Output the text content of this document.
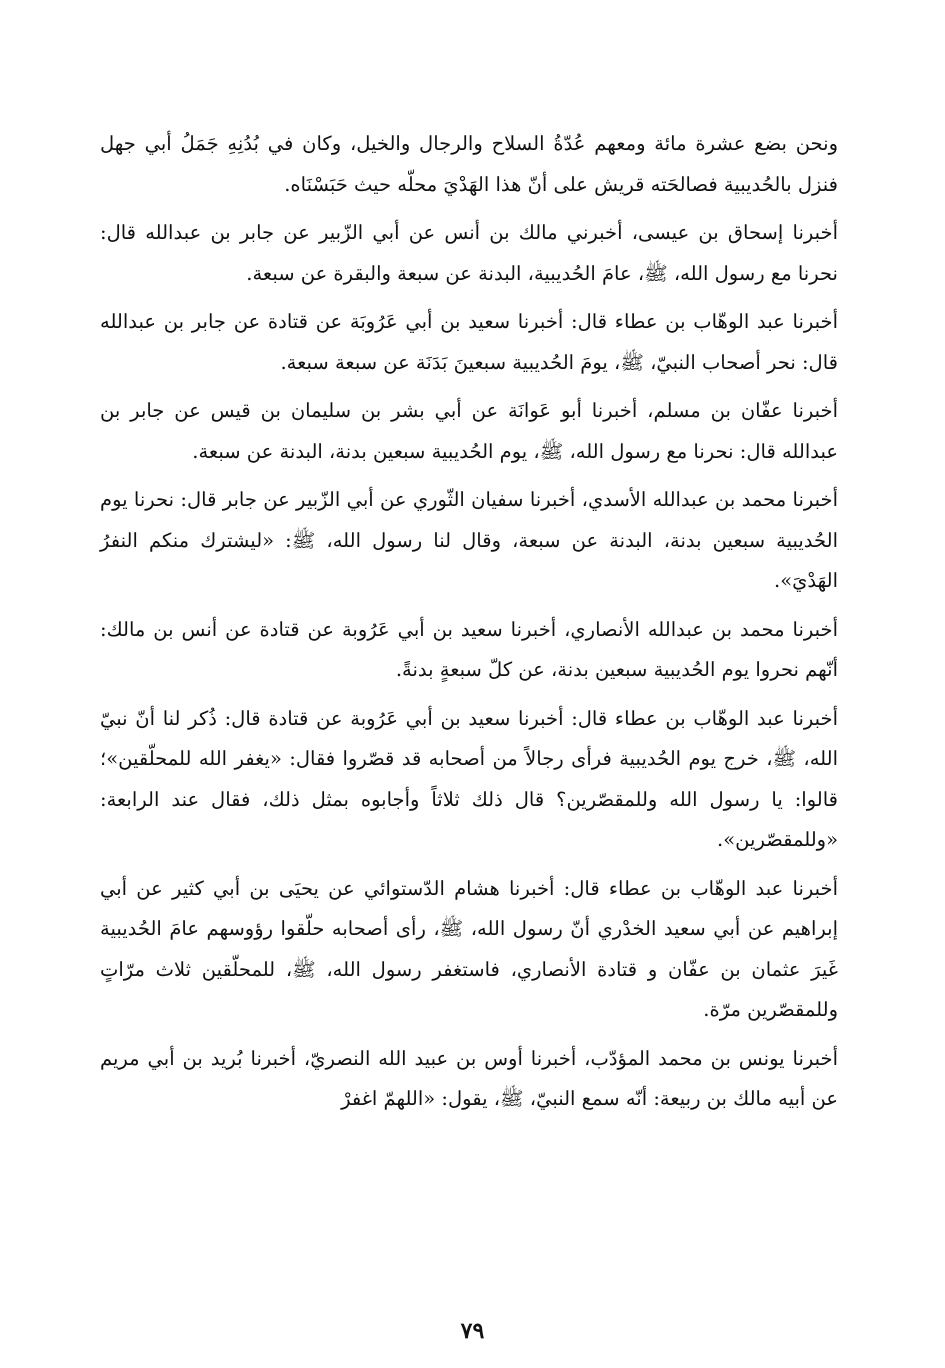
ونحن بضع عشرة مائة ومعهم عُدّةُ السلاح والرجال والخيل، وكان في بُدُنِهِ جَمَلُ أبي جهل فنزل بالحُديبية فصالحَته قريش على أنّ هذا الهَدْيَ محلّه حيث حَبَسْنَاه.

أخبرنا إسحاق بن عيسى، أخبرني مالك بن أنس عن أبي الزّبير عن جابر بن عبدالله قال: نحرنا مع رسول الله، ﷺ، عامَ الحُديبية، البدنة عن سبعة والبقرة عن سبعة.

أخبرنا عبد الوهّاب بن عطاء قال: أخبرنا سعيد بن أبي عَرُوبَة عن قتادة عن جابر بن عبدالله قال: نحر أصحاب النبيّ، ﷺ، يومَ الحُديبية سبعينَ بَدَنَة عن سبعة سبعة.

أخبرنا عفّان بن مسلم، أخبرنا أبو عَوانَة عن أبي بشر بن سليمان بن قيس عن جابر بن عبدالله قال: نحرنا مع رسول الله، ﷺ، يوم الحُديبية سبعين بدنة، البدنة عن سبعة.

أخبرنا محمد بن عبدالله الأسدي، أخبرنا سفيان الثّوري عن أبي الزّبير عن جابر قال: نحرنا يوم الحُديبية سبعين بدنة، البدنة عن سبعة، وقال لنا رسول الله، ﷺ: «ليشترك منكم النفرُ الهَدْيَ».

أخبرنا محمد بن عبدالله الأنصاري، أخبرنا سعيد بن أبي عَرُوبة عن قتادة عن أنس بن مالك: أنّهم نحروا يوم الحُديبية سبعين بدنة، عن كلّ سبعةٍ بدنةً.

أخبرنا عبد الوهّاب بن عطاء قال: أخبرنا سعيد بن أبي عَرُوبة عن قتادة قال: ذُكر لنا أنّ نبيّ الله، ﷺ، خرج يوم الحُديبية فرأى رجالاً من أصحابه قد قصّروا فقال: «يغفر الله للمحلّقين»؛ قالوا: يا رسول الله وللمقصّرين؟ قال ذلك ثلاثاً وأجابوه بمثل ذلك، فقال عند الرابعة: «وللمقصّرين».

أخبرنا عبد الوهّاب بن عطاء قال: أخبرنا هشام الدّستوائي عن يحيَى بن أبي كثير عن أبي إبراهيم عن أبي سعيد الخدْري أنّ رسول الله، ﷺ، رأى أصحابه حلّقوا رؤوسهم عامَ الحُديبية غَيرَ عثمان بن عفّان و قتادة الأنصاري، فاستغفر رسول الله، ﷺ، للمحلّقين ثلاث مرّاتٍ وللمقصّرين مرّة.

أخبرنا يونس بن محمد المؤدّب، أخبرنا أوس بن عبيد الله النصريّ، أخبرنا بُريد بن أبي مريم عن أبيه مالك بن ربيعة: أنّه سمع النبيّ، ﷺ، يقول: «اللهمّ اغفرْ

٧٩
